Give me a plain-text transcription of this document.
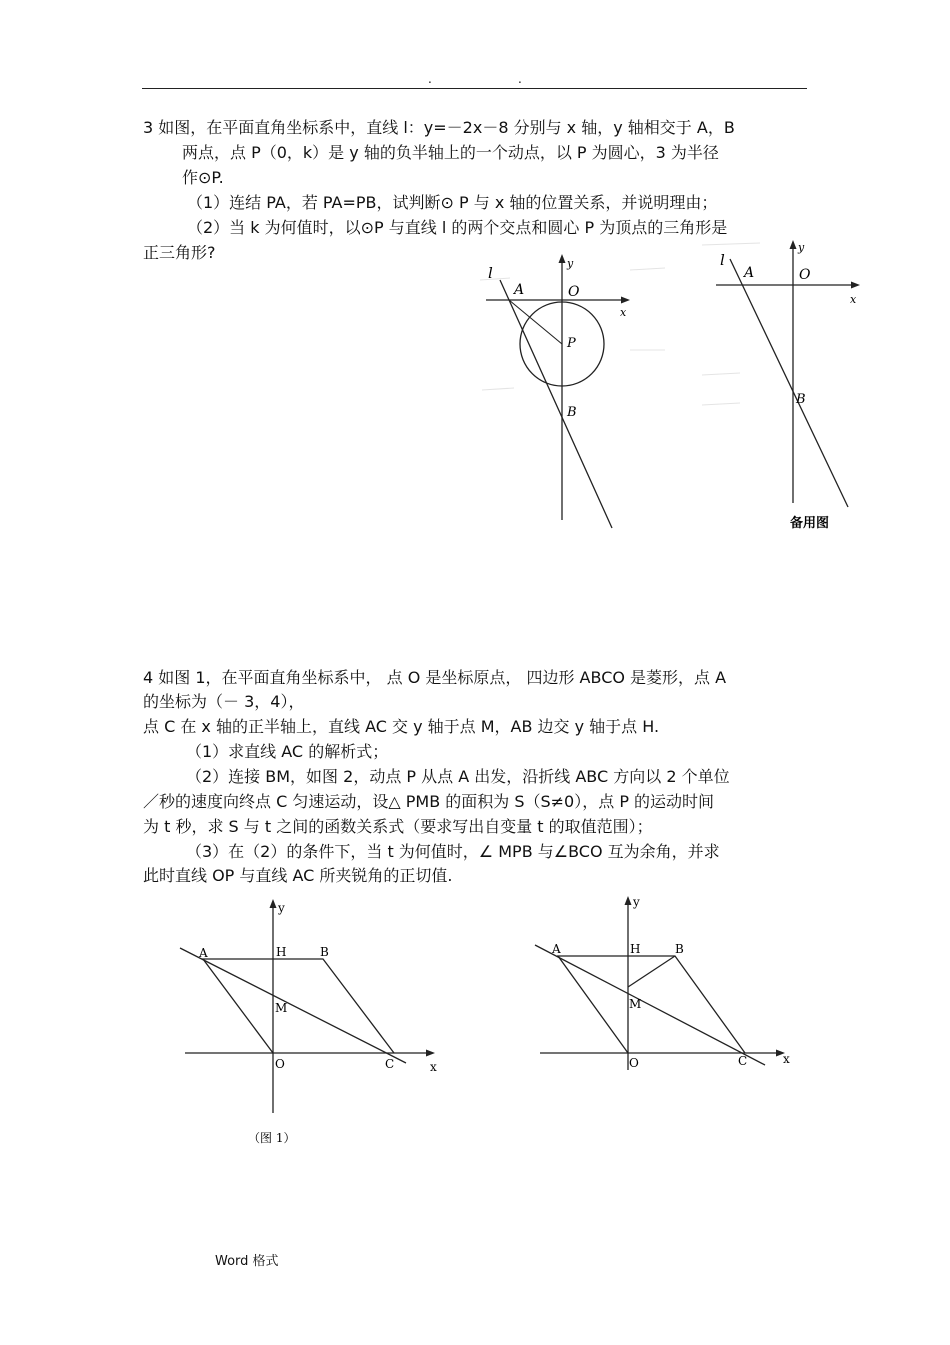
.	.

3 如图，在平面直角坐标系中，直线 l：y=－2x－8 分别与 x 轴，y 轴相交于 A，B

两点，点 P（0，k）是 y 轴的负半轴上的一个动点，以 P 为圆心，3 为半径

作⊙P.

（1）连结 PA，若 PA=PB，试判断⊙ P 与 x 轴的位置关系，并说明理由；

（2）当 k 为何值时，以⊙P 与直线 l 的两个交点和圆心 P 为顶点的三角形是

正三角形?

y
x
l
A	O
P
B
y
x
l
A	O
B
备用图

4 如图 1，在平面直角坐标系中， 点 O 是坐标原点， 四边形 ABCO 是菱形，点 A

的坐标为（－ 3，4），

点 C 在 x 轴的正半轴上，直线 AC 交 y 轴于点 M，AB 边交 y 轴于点 H.

（1）求直线 AC 的解析式；

（2）连接 BM，如图 2，动点 P 从点 A 出发，沿折线 ABC 方向以 2 个单位

／秒的速度向终点 C 匀速运动，设△ PMB 的面积为 S（S≠0），点 P 的运动时间

为 t 秒，求 S 与 t 之间的函数关系式（要求写出自变量 t 的取值范围）；

（3）在（2）的条件下，当 t 为何值时，∠ MPB 与∠BCO 互为余角，并求

此时直线 OP 与直线 AC 所夹锐角的正切值.

y
x
A	H	B
M
O	C
（图 1）
y
x
A	H	B
M
O	C
Word 格式
